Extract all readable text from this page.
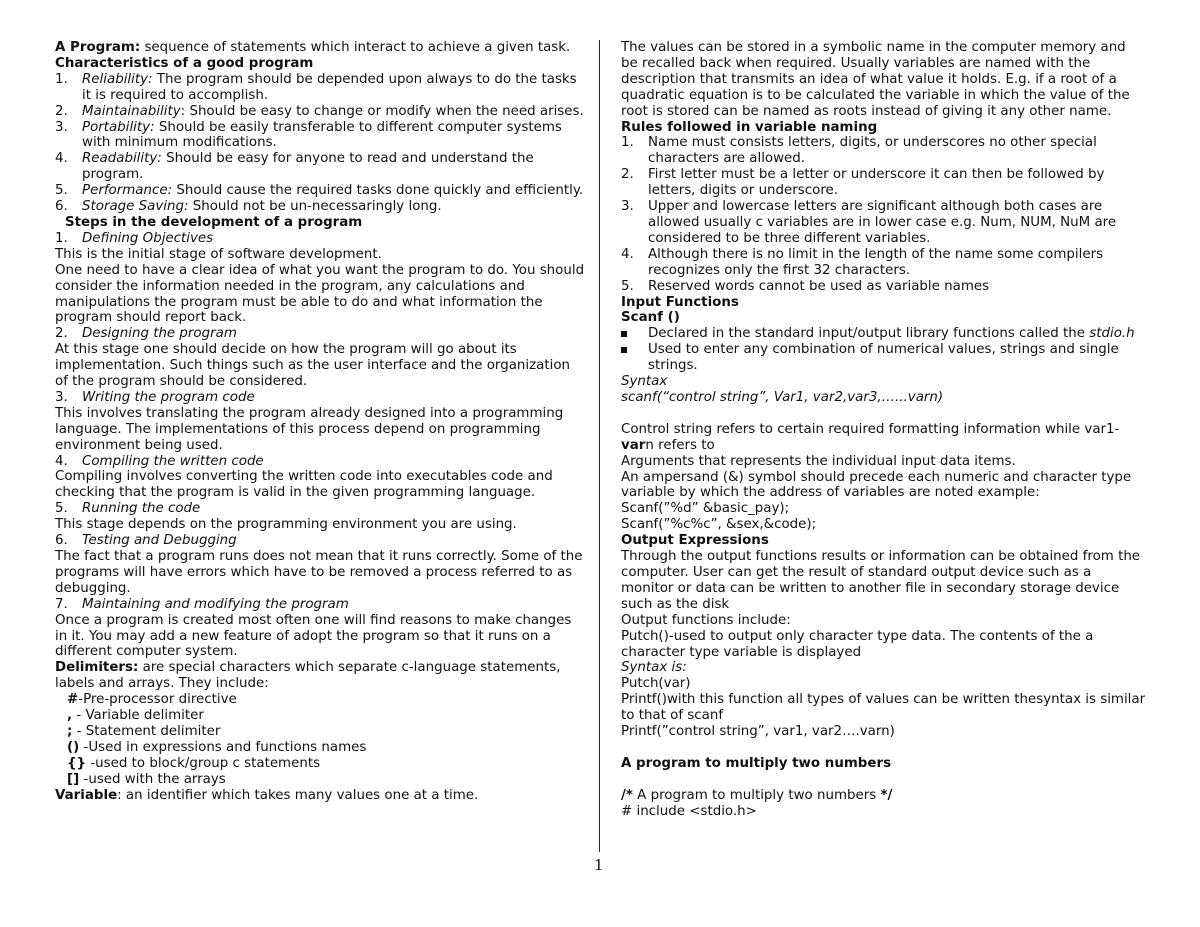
A Program: sequence of statements which interact to achieve a given task.

Characteristics of a good program

1. Reliability: The program should be depended upon always to do the tasks it is required to accomplish.
2. Maintainability: Should be easy to change or modify when the need arises.
3. Portability: Should be easily transferable to different computer systems with minimum modifications.
4. Readability: Should be easy for anyone to read and understand the program.
5. Performance: Should cause the required tasks done quickly and efficiently.
6. Storage Saving: Should not be un-necessaringly long.

Steps in the development of a program

1. Defining Objectives

This is the initial stage of software development.

One need to have a clear idea of what you want the program to do. You should consider the information needed in the program, any calculations and manipulations the program must be able to do and what information the program should report back.

2. Designing the program

At this stage one should decide on how the program will go about its implementation. Such things such as the user interface and the organization of the program should be considered.

3. Writing the program code

This involves translating the program already designed into a programming language. The implementations of this process depend on programming environment being used.

4. Compiling the written code

Compiling involves converting the written code into executables code and checking that the program is valid in the given programming language.

5. Running the code

This stage depends on the programming environment you are using.

6. Testing and Debugging

The fact that a program runs does not mean that it runs correctly. Some of the programs will have errors which have to be removed a process referred to as debugging.

7. Maintaining and modifying the program

Once a program is created most often one will find reasons to make changes in it. You may add a new feature of adopt the program so that it runs on a different computer system.

Delimiters: are special characters which separate c-language statements, labels and arrays. They include:

#-Pre-processor directive
, - Variable delimiter
; - Statement delimiter
() -Used in expressions and functions names
{} -used to block/group c statements
[] -used with the arrays

Variable: an identifier which takes many values one at a time.

The values can be stored in a symbolic name in the computer memory and be recalled back when required. Usually variables are named with the description that transmits an idea of what value it holds. E.g. if a root of a quadratic equation is to be calculated the variable in which the value of the root is stored can be named as roots instead of giving it any other name.

Rules followed in variable naming

1. Name must consists letters, digits, or underscores no other special characters are allowed.
2. First letter must be a letter or underscore it can then be followed by letters, digits or underscore.
3. Upper and lowercase letters are significant although both cases are allowed usually c variables are in lower case e.g. Num, NUM, NuM are considered to be three different variables.
4. Although there is no limit in the length of the name some compilers recognizes only the first 32 characters.
5. Reserved words cannot be used as variable names

Input Functions

Scanf ()

Declared in the standard input/output library functions called the stdio.h
Used to enter any combination of numerical values, strings and single strings.

Syntax

scanf(“control string”, Var1, var2,var3,…...varn)

Control string refers to certain required formatting information while var1-varn refers to

Arguments that represents the individual input data items.

An ampersand (&) symbol should precede each numeric and character type variable by which the address of variables are noted example:

Scanf(”%d” &basic_pay);

Scanf(”%c%c”, &sex,&code);

Output Expressions

Through the output functions results or information can be obtained from the computer. User can get the result of standard output device such as a monitor or data can be written to another file in secondary storage device such as the disk

Output functions include:

Putch()-used to output only character type data. The contents of the a character type variable is displayed

Syntax is:

Putch(var)

Printf()with this function all types of values can be written thesyntax is similar to that of scanf

Printf(”control string”, var1, var2….varn)

A program to multiply two numbers

/* A program to multiply two numbers */

# include <stdio.h>

1
